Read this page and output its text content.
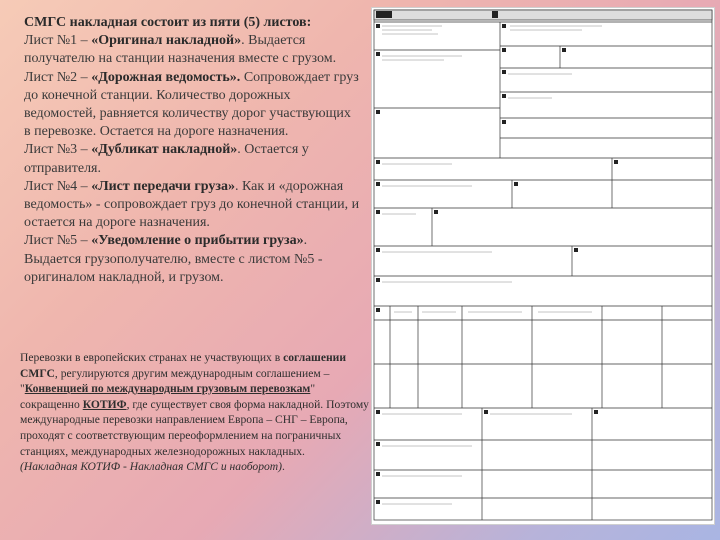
СМГС накладная состоит из пяти (5) листов:
Лист №1 – «Оригинал накладной». Выдается получателю на станции назначения вместе с грузом.
Лист №2 – «Дорожная ведомость». Сопровождает груз до конечной станции. Количество дорожных ведомостей, равняется количеству дорог участвующих в перевозке. Остается на дороге назначения.
Лист №3 – «Дубликат накладной». Остается у отправителя.
Лист №4 – «Лист передачи груза». Как и «дорожная ведомость» - сопровождает груз до конечной станции, и остается на дороге назначения.
Лист №5 – «Уведомление о прибытии груза». Выдается грузополучателю, вместе с листом №5 - оригиналом накладной, и грузом.

Перевозки в европейских странах не участвующих в соглашении СМГС, регулируются другим международным соглашением – "Конвенцией по международным грузовым перевозкам" сокращенно КОТИФ, где существует своя форма накладной. Поэтому международные перевозки направлением Европа – СНГ – Европа, проходят с соответствующим переоформлением на пограничных станциях, международных железнодорожных накладных.
(Накладная КОТИФ - Накладная СМГС и наоборот).
